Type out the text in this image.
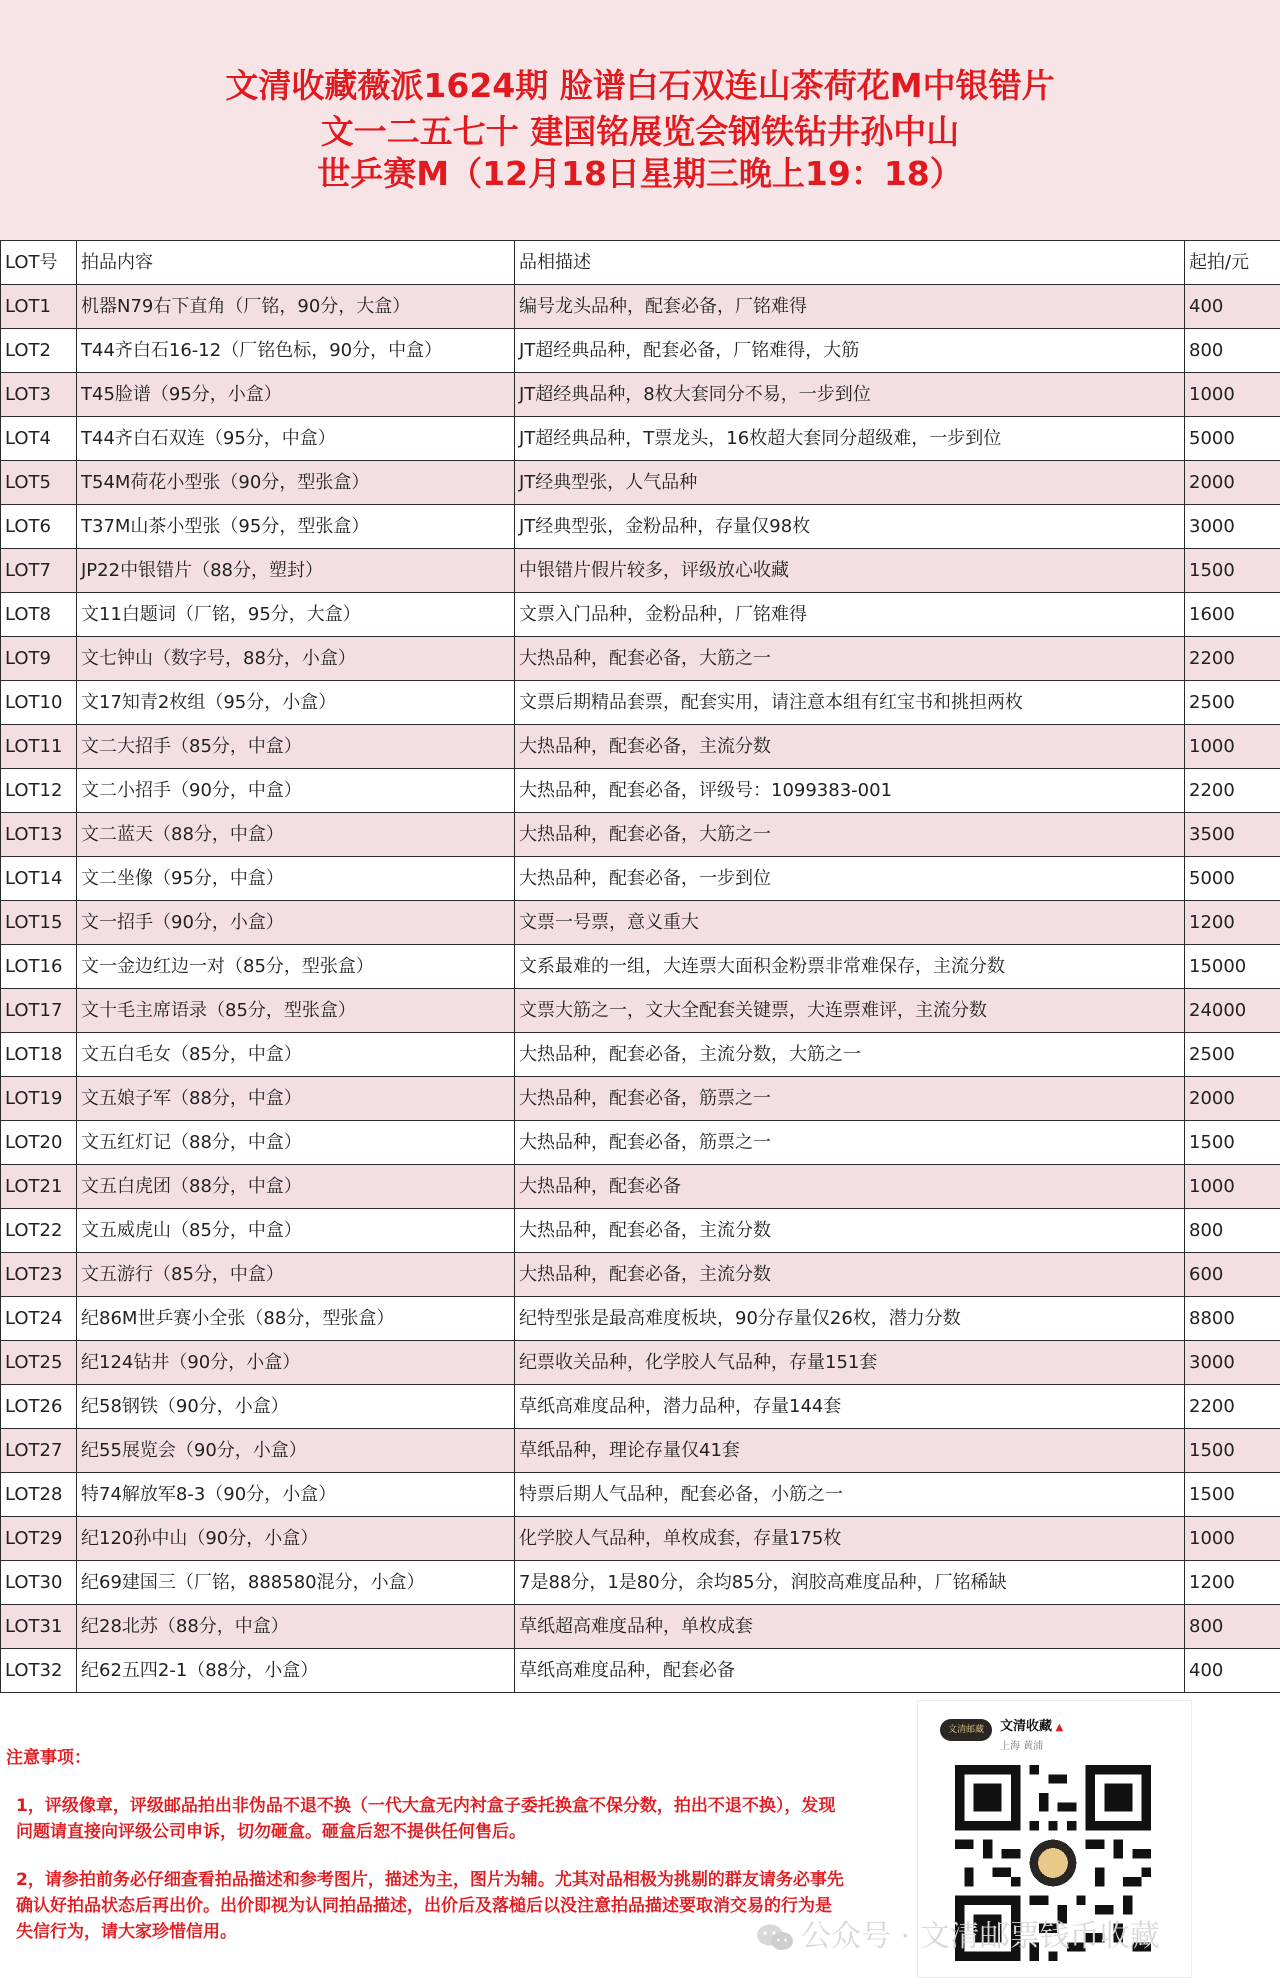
文清收藏薇派1624期 脸谱白石双连山茶荷花M中银错片
文一二五七十 建国铭展览会钢铁钻井孙中山
世乒赛M（12月18日星期三晚上19：18）
LOT号	拍品内容	品相描述	起拍/元
LOT1	机器N79右下直角（厂铭，90分，大盒）	编号龙头品种，配套必备，厂铭难得	400
LOT2	T44齐白石16-12（厂铭色标，90分，中盒）	JT超经典品种，配套必备，厂铭难得，大筋	800
LOT3	T45脸谱（95分，小盒）	JT超经典品种，8枚大套同分不易，一步到位	1000
LOT4	T44齐白石双连（95分，中盒）	JT超经典品种，T票龙头，16枚超大套同分超级难，一步到位	5000
LOT5	T54M荷花小型张（90分，型张盒）	JT经典型张，人气品种	2000
LOT6	T37M山茶小型张（95分，型张盒）	JT经典型张，金粉品种，存量仅98枚	3000
LOT7	JP22中银错片（88分，塑封）	中银错片假片较多，评级放心收藏	1500
LOT8	文11白题词（厂铭，95分，大盒）	文票入门品种，金粉品种，厂铭难得	1600
LOT9	文七钟山（数字号，88分，小盒）	大热品种，配套必备，大筋之一	2200
LOT10	文17知青2枚组（95分，小盒）	文票后期精品套票，配套实用，请注意本组有红宝书和挑担两枚	2500
LOT11	文二大招手（85分，中盒）	大热品种，配套必备，主流分数	1000
LOT12	文二小招手（90分，中盒）	大热品种，配套必备，评级号：1099383-001	2200
LOT13	文二蓝天（88分，中盒）	大热品种，配套必备，大筋之一	3500
LOT14	文二坐像（95分，中盒）	大热品种，配套必备，一步到位	5000
LOT15	文一招手（90分，小盒）	文票一号票，意义重大	1200
LOT16	文一金边红边一对（85分，型张盒）	文系最难的一组，大连票大面积金粉票非常难保存，主流分数	15000
LOT17	文十毛主席语录（85分，型张盒）	文票大筋之一，文大全配套关键票，大连票难评，主流分数	24000
LOT18	文五白毛女（85分，中盒）	大热品种，配套必备，主流分数，大筋之一	2500
LOT19	文五娘子军（88分，中盒）	大热品种，配套必备，筋票之一	2000
LOT20	文五红灯记（88分，中盒）	大热品种，配套必备，筋票之一	1500
LOT21	文五白虎团（88分，中盒）	大热品种，配套必备	1000
LOT22	文五威虎山（85分，中盒）	大热品种，配套必备，主流分数	800
LOT23	文五游行（85分，中盒）	大热品种，配套必备，主流分数	600
LOT24	纪86M世乒赛小全张（88分，型张盒）	纪特型张是最高难度板块，90分存量仅26枚，潜力分数	8800
LOT25	纪124钻井（90分，小盒）	纪票收关品种，化学胶人气品种，存量151套	3000
LOT26	纪58钢铁（90分，小盒）	草纸高难度品种，潜力品种，存量144套	2200
LOT27	纪55展览会（90分，小盒）	草纸品种，理论存量仅41套	1500
LOT28	特74解放军8-3（90分，小盒）	特票后期人气品种，配套必备，小筋之一	1500
LOT29	纪120孙中山（90分，小盒）	化学胶人气品种，单枚成套，存量175枚	1000
LOT30	纪69建国三（厂铭，888580混分，小盒）	7是88分，1是80分，余均85分，润胶高难度品种，厂铭稀缺	1200
LOT31	纪28北苏（88分，中盒）	草纸超高难度品种，单枚成套	800
LOT32	纪62五四2-1（88分，小盒）	草纸高难度品种，配套必备	400
注意事项：
1，评级像章，评级邮品拍出非伪品不退不换（一代大盒无内衬盒子委托换盒不保分数，拍出不退不换），发现问题请直接向评级公司申诉，切勿砸盒。砸盒后恕不提供任何售后。
2，请参拍前务必仔细查看拍品描述和参考图片，描述为主，图片为辅。尤其对品相极为挑剔的群友请务必事先确认好拍品状态后再出价。出价即视为认同拍品描述，出价后及落槌后以没注意拍品描述要取消交易的行为是失信行为，请大家珍惜信用。
文清邮藏	文清收藏 ▲
上海 黄浦
公众号 · 文清邮票钱币收藏
